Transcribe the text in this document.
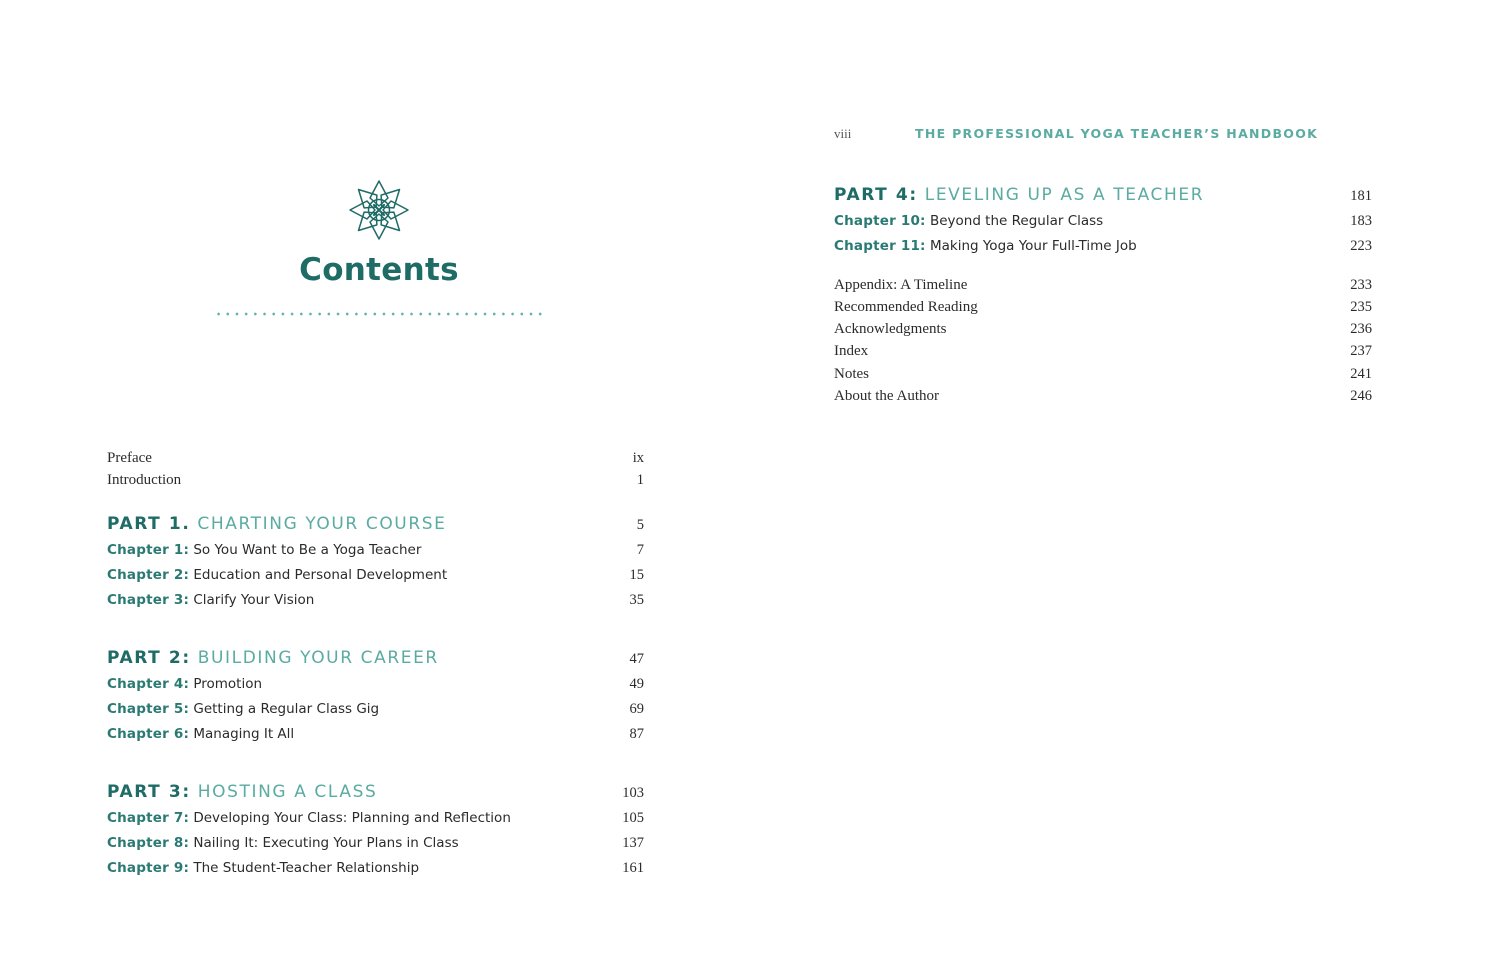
Contents
Preface	ix
Introduction	1
PART 1. CHARTING YOUR COURSE	5
Chapter 1: So You Want to Be a Yoga Teacher	7
Chapter 2: Education and Personal Development	15
Chapter 3: Clarify Your Vision	35
PART 2: BUILDING YOUR CAREER	47
Chapter 4: Promotion	49
Chapter 5: Getting a Regular Class Gig	69
Chapter 6: Managing It All	87
PART 3: HOSTING A CLASS	103
Chapter 7: Developing Your Class: Planning and Reflection	105
Chapter 8: Nailing It: Executing Your Plans in Class	137
Chapter 9: The Student-Teacher Relationship	161
viii	THE PROFESSIONAL YOGA TEACHER’S HANDBOOK
PART 4: LEVELING UP AS A TEACHER	181
Chapter 10: Beyond the Regular Class	183
Chapter 11: Making Yoga Your Full-Time Job	223
Appendix: A Timeline	233
Recommended Reading	235
Acknowledgments	236
Index	237
Notes	241
About the Author	246
